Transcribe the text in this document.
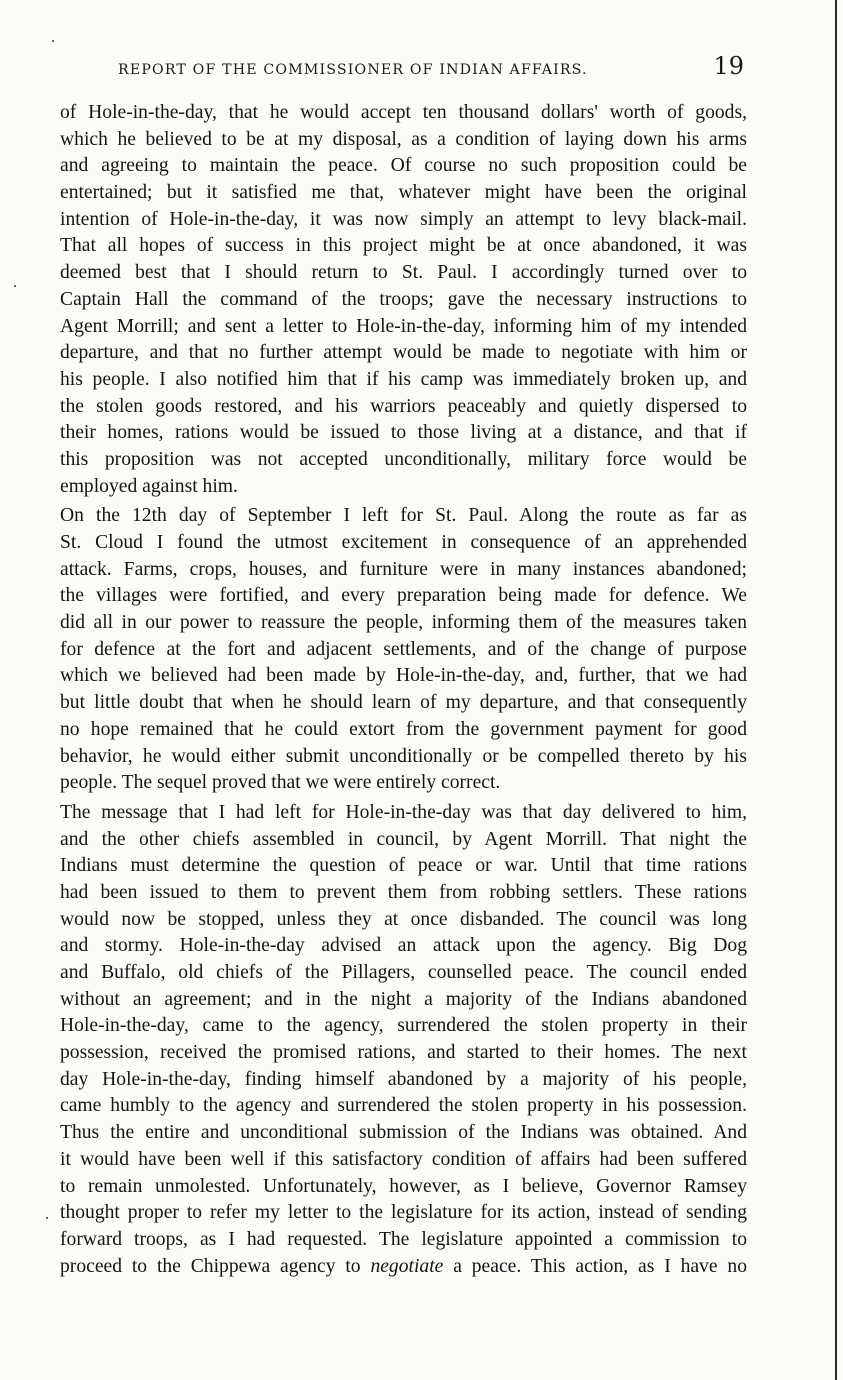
REPORT OF THE COMMISSIONER OF INDIAN AFFAIRS.	19

of Hole-in-the-day, that he would accept ten thousand dollars' worth of goods,
which he believed to be at my disposal, as a condition of laying down his arms
and agreeing to maintain the peace. Of course no such proposition could be
entertained; but it satisfied me that, whatever might have been the original
intention of Hole-in-the-day, it was now simply an attempt to levy black-mail.
That all hopes of success in this project might be at once abandoned, it was
deemed best that I should return to St. Paul. I accordingly turned over to
Captain Hall the command of the troops; gave the necessary instructions to
Agent Morrill; and sent a letter to Hole-in-the-day, informing him of my intended
departure, and that no further attempt would be made to negotiate with him or
his people. I also notified him that if his camp was immediately broken up, and
the stolen goods restored, and his warriors peaceably and quietly dispersed to
their homes, rations would be issued to those living at a distance, and that if
this proposition was not accepted unconditionally, military force would be
employed against him.

On the 12th day of September I left for St. Paul. Along the route as far as
St. Cloud I found the utmost excitement in consequence of an apprehended
attack. Farms, crops, houses, and furniture were in many instances abandoned;
the villages were fortified, and every preparation being made for defence. We
did all in our power to reassure the people, informing them of the measures taken
for defence at the fort and adjacent settlements, and of the change of purpose
which we believed had been made by Hole-in-the-day, and, further, that we had
but little doubt that when he should learn of my departure, and that consequently
no hope remained that he could extort from the government payment for good
behavior, he would either submit unconditionally or be compelled thereto by his
people. The sequel proved that we were entirely correct.

The message that I had left for Hole-in-the-day was that day delivered to him,
and the other chiefs assembled in council, by Agent Morrill. That night the
Indians must determine the question of peace or war. Until that time rations
had been issued to them to prevent them from robbing settlers. These rations
would now be stopped, unless they at once disbanded. The council was long
and stormy. Hole-in-the-day advised an attack upon the agency. Big Dog
and Buffalo, old chiefs of the Pillagers, counselled peace. The council ended
without an agreement; and in the night a majority of the Indians abandoned
Hole-in-the-day, came to the agency, surrendered the stolen property in their
possession, received the promised rations, and started to their homes. The next
day Hole-in-the-day, finding himself abandoned by a majority of his people,
came humbly to the agency and surrendered the stolen property in his possession.
Thus the entire and unconditional submission of the Indians was obtained. And
it would have been well if this satisfactory condition of affairs had been suffered
to remain unmolested. Unfortunately, however, as I believe, Governor Ramsey
thought proper to refer my letter to the legislature for its action, instead of sending
forward troops, as I had requested. The legislature appointed a commission to
proceed to the Chippewa agency to negotiate a peace. This action, as I have no
